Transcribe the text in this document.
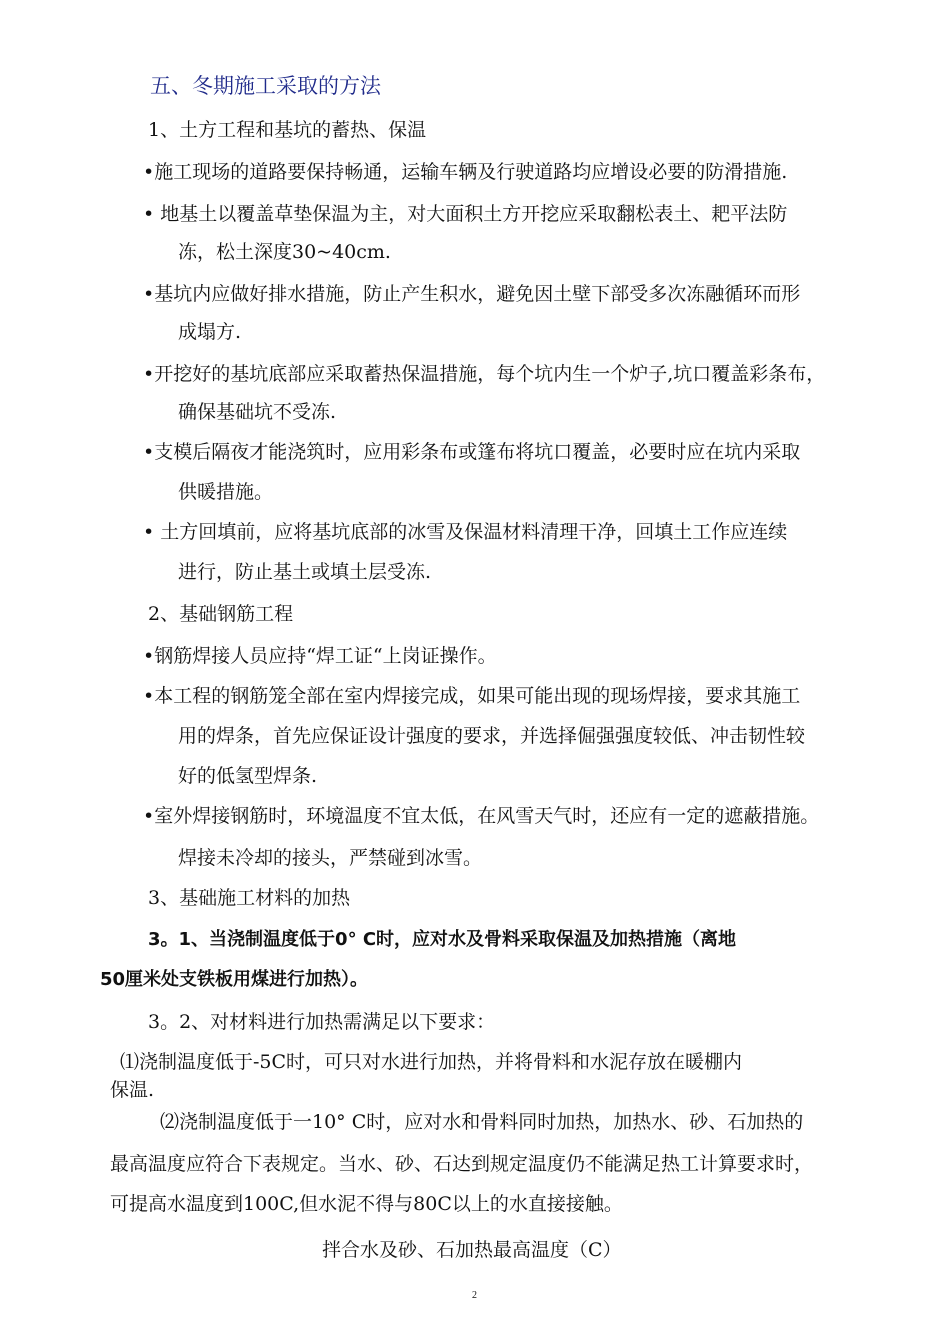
五、冬期施工采取的方法
1、土方工程和基坑的蓄热、保温
•施工现场的道路要保持畅通，运输车辆及行驶道路均应增设必要的防滑措施.
• 地基土以覆盖草垫保温为主，对大面积土方开挖应采取翻松表土、耙平法防
冻，松土深度30~40cm.
•基坑内应做好排水措施，防止产生积水，避免因土壁下部受多次冻融循环而形
成塌方.
•开挖好的基坑底部应采取蓄热保温措施，每个坑内生一个炉子,坑口覆盖彩条布，
确保基础坑不受冻.
•支模后隔夜才能浇筑时，应用彩条布或篷布将坑口覆盖，必要时应在坑内采取
供暖措施。
• 土方回填前，应将基坑底部的冰雪及保温材料清理干净，回填土工作应连续
进行，防止基土或填土层受冻.
2、基础钢筋工程
•钢筋焊接人员应持“焊工证“上岗证操作。
•本工程的钢筋笼全部在室内焊接完成，如果可能出现的现场焊接，要求其施工
用的焊条，首先应保证设计强度的要求，并选择倔强强度较低、冲击韧性较
好的低氢型焊条.
•室外焊接钢筋时，环境温度不宜太低，在风雪天气时，还应有一定的遮蔽措施。
焊接未冷却的接头，严禁碰到冰雪。
3、基础施工材料的加热
3。1、当浇制温度低于0° C时，应对水及骨料采取保温及加热措施（离地
50厘米处支铁板用煤进行加热）。
3。2、对材料进行加热需满足以下要求：
⑴浇制温度低于-5C时，可只对水进行加热，并将骨料和水泥存放在暖棚内
保温.
⑵浇制温度低于一10° C时，应对水和骨料同时加热，加热水、砂、石加热的
最高温度应符合下表规定。当水、砂、石达到规定温度仍不能满足热工计算要求时，
可提高水温度到100C,但水泥不得与80C以上的水直接接触。
拌合水及砂、石加热最高温度（C）
2
